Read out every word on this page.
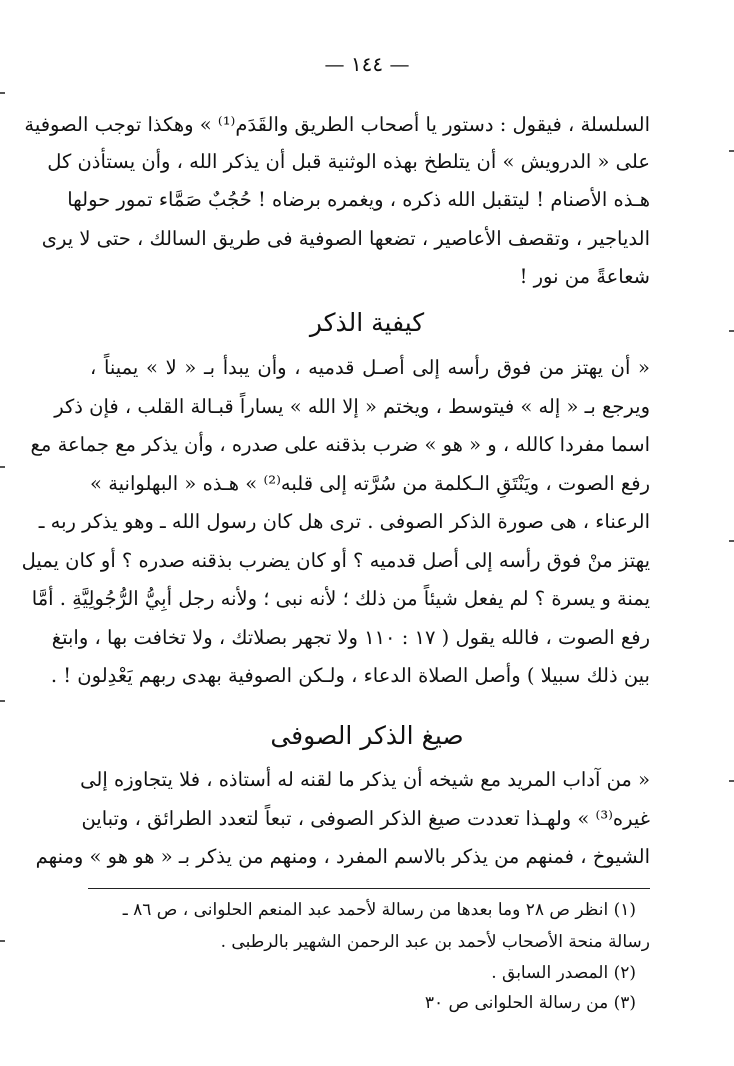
— ١٤٤ —
السلسلة ، فيقول : دستور يا أصحاب الطريق والقَدَم⁽¹⁾ » وهكذا توجب الصوفية
على « الدرويش » أن يتلطخ بهذه الوثنية قبل أن يذكر الله ، وأن يستأذن كل
هـذه الأصنام ! ليتقبل الله ذكره ، ويغمره برضاه ! حُجُبٌ صَمَّاء تمور حولها
الدياجير ، وتقصف الأعاصير ، تضعها الصوفية فى طريق السالك ، حتى لا يرى
شعاعةً من نور !
كيفية الذكر
« أن يهتز من فوق رأسه إلى أصـل قدميه ، وأن يبدأ بـ « لا » يميناً ،
ويرجع بـ « إله » فيتوسط ، ويختم « إلا الله » يساراً قبـالة القلب ، فإن ذكر
اسما مفردا كالله ، و « هو » ضرب بذقنه على صدره ، وأن يذكر مع جماعة مع
رفع الصوت ، ويَنْتَقِ الـكلمة من سُرَّته إلى قلبه⁽²⁾ » هـذه « البهلوانية »
الرعناء ، هى صورة الذكر الصوفى . ترى هل كان رسول الله ـ وهو يذكر ربه ـ
يهتز منْ فوق رأسه إلى أصل قدميه ؟ أو كان يضرب بذقنه صدره ؟ أو كان يميل
يمنة و يسرة ؟ لم يفعل شيئاً من ذلك ؛ لأنه نبى ؛ ولأنه رجل أبِيُّ الرُّجُولِيَّةِ . أمَّا
رفع الصوت ، فالله يقول ( ١٧ : ١١٠ ولا تجهر بصلاتك ، ولا تخافت بها ، وابتغ
بين ذلك سبيلا ) وأصل الصلاة الدعاء ، ولـكن الصوفية بهدى ربهم يَعْدِلون ! .
صيغ الذكر الصوفى
« من آداب المريد مع شيخه أن يذكر ما لقنه له أستاذه ، فلا يتجاوزه إلى
غيره⁽³⁾ » ولهـذا تعددت صيغ الذكر الصوفى ، تبعاً لتعدد الطرائق ، وتباين
الشيوخ ، فمنهم من يذكر بالاسم المفرد ، ومنهم من يذكر بـ « هو هو » ومنهم
(١) انظر ص ٢٨ وما بعدها من رسالة لأحمد عبد المنعم الحلوانى ، ص ٨٦ ـ
رسالة منحة الأصحاب لأحمد بن عبد الرحمن الشهير بالرطبى .
(٢) المصدر السابق .
(٣) من رسالة الحلوانى ص ٣٠
